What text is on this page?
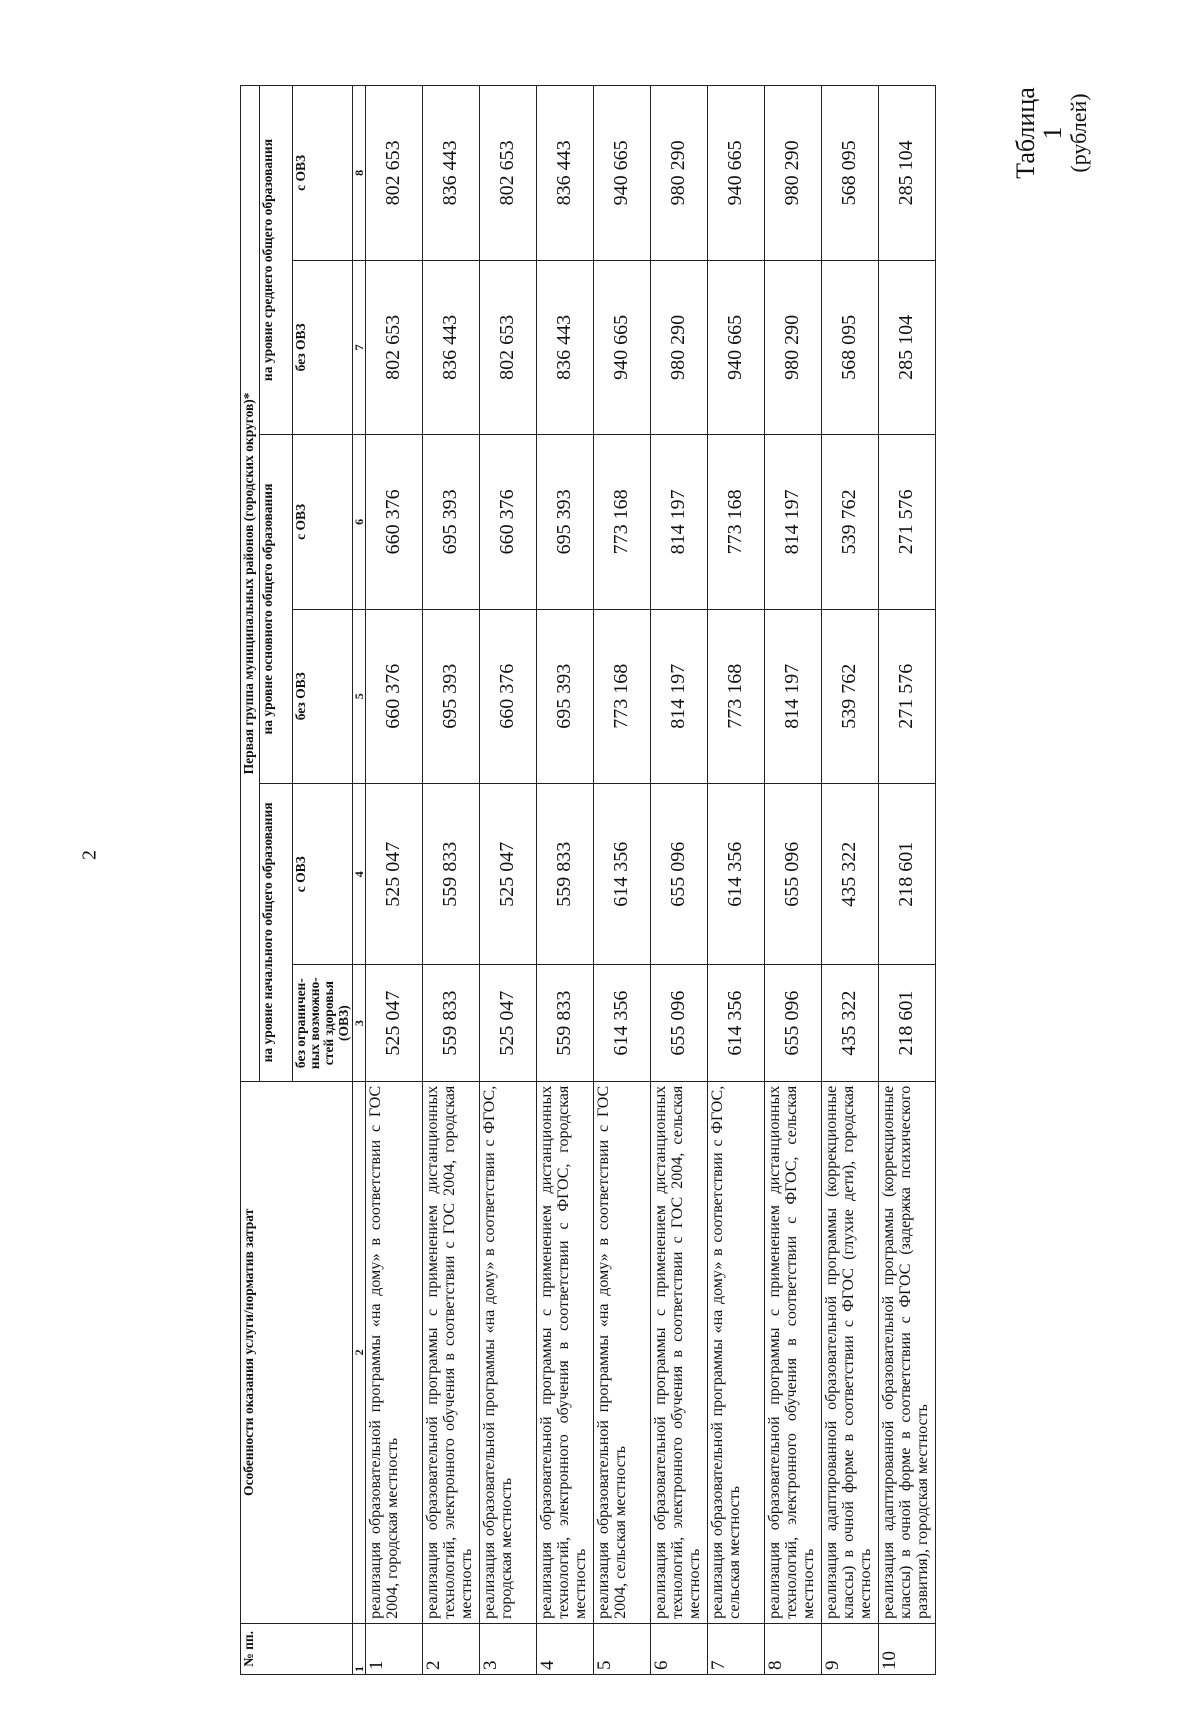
2
Таблица 1
(рублей)
№ пп.	Особенности оказания услуги/норматив затрат	Первая группа муниципальных районов (городских округов)*					
		на уровне начального общего образования		на уровне основного общего образования		на уровне среднего общего образования	
		без ограничен-ных возможно-стей здоровья (ОВЗ)	с ОВЗ	без ОВЗ	с ОВЗ	без ОВЗ	с ОВЗ
1	2	3	4	5	6	7	8
1	реализация образовательной программы «на дому» в соответствии с ГОС 2004, городская местность	525 047	525 047	660 376	660 376	802 653	802 653
2	реализация образовательной программы с применением дистанционных технологий, электронного обучения в соответствии с ГОС 2004, городская местность	559 833	559 833	695 393	695 393	836 443	836 443
3	реализация образовательной программы «на дому» в соответствии с ФГОС, городская местность	525 047	525 047	660 376	660 376	802 653	802 653
4	реализация образовательной программы с применением дистанционных технологий, электронного обучения в соответствии с ФГОС, городская местность	559 833	559 833	695 393	695 393	836 443	836 443
5	реализация образовательной программы «на дому» в соответствии с ГОС 2004, сельская местность	614 356	614 356	773 168	773 168	940 665	940 665
6	реализация образовательной программы с применением дистанционных технологий, электронного обучения в соответствии с ГОС 2004, сельская местность	655 096	655 096	814 197	814 197	980 290	980 290
7	реализация образовательной программы «на дому» в соответствии с ФГОС, сельская местность	614 356	614 356	773 168	773 168	940 665	940 665
8	реализация образовательной программы с применением дистанционных технологий, электронного обучения в соответствии с ФГОС, сельская местность	655 096	655 096	814 197	814 197	980 290	980 290
9	реализация адаптированной образовательной программы (коррекционные классы) в очной форме в соответствии с ФГОС (глухие дети), городская местность	435 322	435 322	539 762	539 762	568 095	568 095
10	реализация адаптированной образовательной программы (коррекционные классы) в очной форме в соответствии с ФГОС (задержка психического развития), городская местность	218 601	218 601	271 576	271 576	285 104	285 104
